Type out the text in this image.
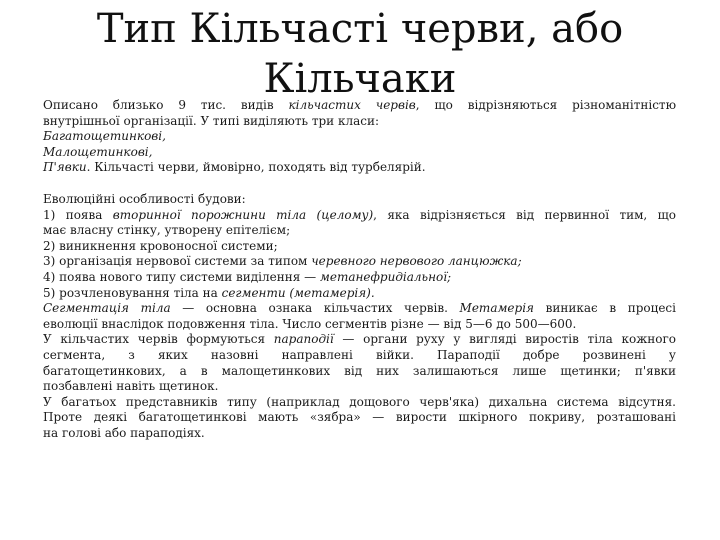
Тип Кільчасті черви, або
Кільчаки
Описано близько 9 тис. видів кільчастих червів, що відрізняються різноманітністю
внутрішньої організації. У типі виділяють три класи:
Багатощетинкові,
Малощетинкові,
П'явки. Кільчасті черви, ймовірно, походять від турбелярій.
Еволюційні особливості будови:
1) поява вторинної порожнини тіла (целому), яка відрізняється від первинної тим, що
має власну стінку, утворену епітелієм;
2) виникнення кровоносної системи;
3) організація нервової системи за типом черевного нервового ланцюжка;
4) поява нового типу системи виділення — метанефридіальної;
5) розчленовування тіла на сегменти (метамерія).
Сегментація тіла — основна ознака кільчастих червів. Метамерія виникає в процесі
еволюції внаслідок подовження тіла. Число сегментів різне — від 5—6 до 500—600.
У кільчастих червів формуються параподії — органи руху у вигляді виростів тіла кожного
сегмента, з яких назовні направлені війки. Параподії добре розвинені у
багатощетинкових, а в малощетинкових від них залишаються лише щетинки; п'явки
позбавлені навіть щетинок.
У багатьох представників типу (наприклад дощового черв'яка) дихальна система відсутня.
Проте деякі багатощетинкові мають «зябра» — вирости шкірного покриву, розташовані
на голові або параподіях.
